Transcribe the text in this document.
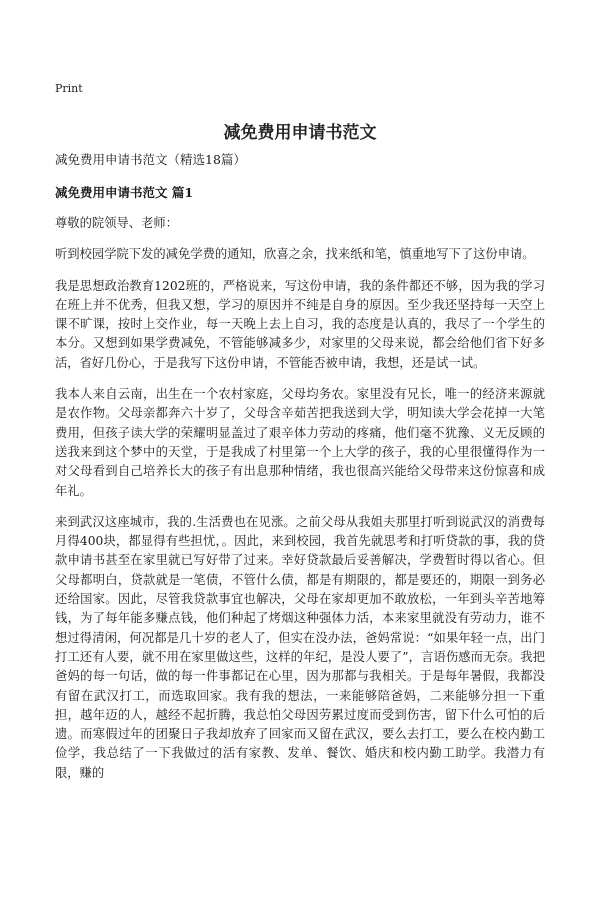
Print
减免费用申请书范文

减免费用申请书范文（精选18篇）

减免费用申请书范文 篇1

尊敬的院领导、老师：

听到校园学院下发的减免学费的通知，欣喜之余，找来纸和笔，慎重地写下了这份申请。

我是思想政治教育1202班的，严格说来，写这份申请，我的条件都还不够，因为我的学习在班上并不优秀，但我又想，学习的原因并不纯是自身的原因。至少我还坚持每一天空上课不旷课，按时上交作业，每一天晚上去上自习，我的态度是认真的，我尽了一个学生的本分。又想到如果学费减免，不管能够减多少，对家里的父母来说，都会给他们省下好多活，省好几份心，于是我写下这份申请，不管能否被申请，我想，还是试一试。

我本人来自云南，出生在一个农村家庭，父母均务农。家里没有兄长，唯一的经济来源就是农作物。父母亲都奔六十岁了，父母含辛茹苦把我送到大学，明知读大学会花掉一大笔费用，但孩子读大学的荣耀明显盖过了艰辛体力劳动的疼痛，他们毫不犹豫、义无反顾的送我来到这个梦中的天堂，于是我成了村里第一个上大学的孩子，我的心里很懂得作为一对父母看到自己培养长大的孩子有出息那种情绪，我也很高兴能给父母带来这份惊喜和成年礼。

来到武汉这座城市，我的.生活费也在见涨。之前父母从我姐夫那里打听到说武汉的消费每月得400块，都显得有些担忧，。因此，来到校园，我首先就思考和打听贷款的事，我的贷款申请书甚至在家里就已写好带了过来。幸好贷款最后妥善解决，学费暂时得以省心。但父母都明白，贷款就是一笔债，不管什么债，都是有期限的，都是要还的，期限一到务必还给国家。因此，尽管我贷款事宜也解决，父母在家却更加不敢放松，一年到头辛苦地筹钱，为了每年能多赚点钱，他们种起了烤烟这种强体力活，本来家里就没有劳动力，谁不想过得清闲，何况都是几十岁的老人了，但实在没办法，爸妈常说：“如果年轻一点，出门打工还有人要，就不用在家里做这些，这样的年纪，是没人要了”，言语伤感而无奈。我把爸妈的每一句话，做的每一件事都记在心里，因为那都与我相关。于是每年暑假，我都没有留在武汉打工，而选取回家。我有我的想法，一来能够陪爸妈，二来能够分担一下重担，越年迈的人，越经不起折腾，我总怕父母因劳累过度而受到伤害，留下什么可怕的后遗。而寒假过年的团聚日子我却放弃了回家而又留在武汉，要么去打工，要么在校内勤工俭学，我总结了一下我做过的活有家教、发单、餐饮、婚庆和校内勤工助学。我潜力有限，赚的
